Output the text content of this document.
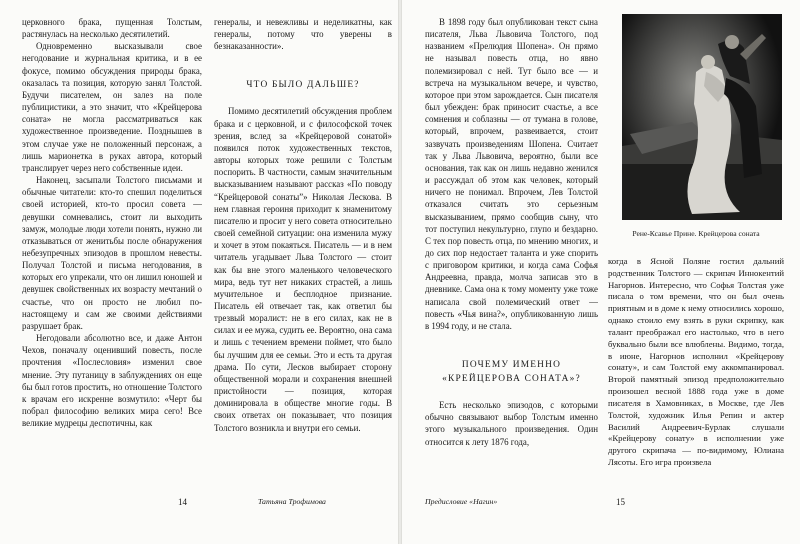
церковного брака, пущенная Толстым, растянулась на несколько десятилетий.

Одновременно высказывали свое негодование и журнальная критика, и в ее фокусе, помимо обсуждения природы брака, оказалась та позиция, которую занял Толстой. Будучи писателем, он залез на поле публицистики, а это значит, что «Крейцерова соната» не могла рассматриваться как художественное произведение. Позднышев в этом случае уже не положенный персонаж, а лишь марионетка в руках автора, который транслирует через него собственные идеи.

Наконец, засыпали Толстого письмами и обычные читатели: кто-то спешил поделиться своей историей, кто-то просил совета — девушки сомневались, стоит ли выходить замуж, молодые люди хотели понять, нужно ли отказываться от женитьбы после обнаружения небезупречных эпизодов в прошлом невесты. Получал Толстой и письма негодования, в которых его упрекали, что он лишил юношей и девушек свойственных их возрасту мечтаний о счастье, что он просто не любил по-настоящему и сам же своими действиями разрушает брак.

Негодовали абсолютно все, и даже Антон Чехов, поначалу оценивший повесть, после прочтения «Послесловия» изменил свое мнение. Эту путаницу в заблуждениях он еще бы был готов простить, но отношение Толстого к врачам его искренне возмутило: «Черт бы побрал философию великих мира сего! Все великие мудрецы деспотичны, как

генералы, и невежливы и неделикатны, как генералы, потому что уверены в безнаказанности».

ЧТО БЫЛО ДАЛЬШЕ?

Помимо десятилетий обсуждения проблем брака и с церковной, и с философской точек зрения, вслед за «Крейцеровой сонатой» появился поток художественных текстов, авторы которых тоже решили с Толстым поспорить. В частности, самым значительным высказыванием называют рассказ «По поводу “Крейцеровой сонаты”» Николая Лескова. В нем главная героиня приходит к знаменитому писателю и просит у него совета относительно своей семейной ситуации: она изменила мужу и хочет в этом покаяться. Писатель — и в нем читатель угадывает Льва Толстого — стоит как бы вне этого маленького человеческого мира, ведь тут нет никаких страстей, а лишь мучительное и бесплодное признание. Писатель ей отвечает так, как ответил бы трезвый моралист: не в его силах, как не в силах и ее мужа, судить ее. Вероятно, она сама и лишь с течением времени поймет, что было бы лучшим для ее семьи. Это и есть та другая драма. По сути, Лесков выбирает сторону общественной морали и сохранения внешней пристойности — позиция, которая доминировала в обществе многие годы. В своих ответах он показывает, что позиция Толстого возникла и внутри его семьи.

14	Татьяна Трофимова

В 1898 году был опубликован текст сына писателя, Льва Львовича Толстого, под названием «Прелюдия Шопена». Он прямо не называл повесть отца, но явно полемизировал с ней. Тут было все — и встреча на музыкальном вечере, и чувство, которое при этом зарождается. Сын писателя был убежден: брак приносит счастье, а все сомнения и соблазны — от тумана в голове, который, впрочем, развеивается, стоит зазвучать произведениям Шопена. Считает так у Льва Львовича, вероятно, были все основания, так как он лишь недавно женился и рассуждал об этом как человек, который ничего не понимал. Впрочем, Лев Толстой отказался считать это серьезным высказыванием, прямо сообщив сыну, что тот поступил некультурно, глупо и бездарно. С тех пор повесть отца, по мнению многих, и до сих пор недостает таланта и уже спорить с приговором критики, и когда сама Софья Андреевна, правда, молча записав это в дневнике. Сама она к тому моменту уже тоже написала свой полемический ответ — повесть «Чья вина?», опубликованную лишь в 1994 году, и не стала.

ПОЧЕМУ ИМЕННО
«КРЕЙЦЕРОВА СОНАТА»?

Есть несколько эпизодов, с которыми обычно связывают выбор Толстым именно этого музыкального произведения. Один относится к лету 1876 года,

Рене-Ксавье Прине. Крейцерова соната

когда в Ясной Поляне гостил дальний родственник Толстого — скрипач Иннокентий Нагорнов. Интересно, что Софья Толстая уже писала о том времени, что он был очень приятным и в доме к нему относились хорошо, однако стоило ему взять в руки скрипку, как талант преображал его настолько, что в него буквально были все влюблены. Видимо, тогда, в июне, Нагорнов исполнил «Крейцерову сонату», и сам Толстой ему аккомпанировал. Второй памятный эпизод предположительно произошел весной 1888 года уже в доме писателя в Хамовниках, в Москве, где Лев Толстой, художник Илья Репин и актер Василий Андреевич-Бурлак слушали «Крейцерову сонату» в исполнении уже другого скрипача — по-видимому, Юлиана Лясоты. Его игра произвела

Предисловие «Нагин»	15
